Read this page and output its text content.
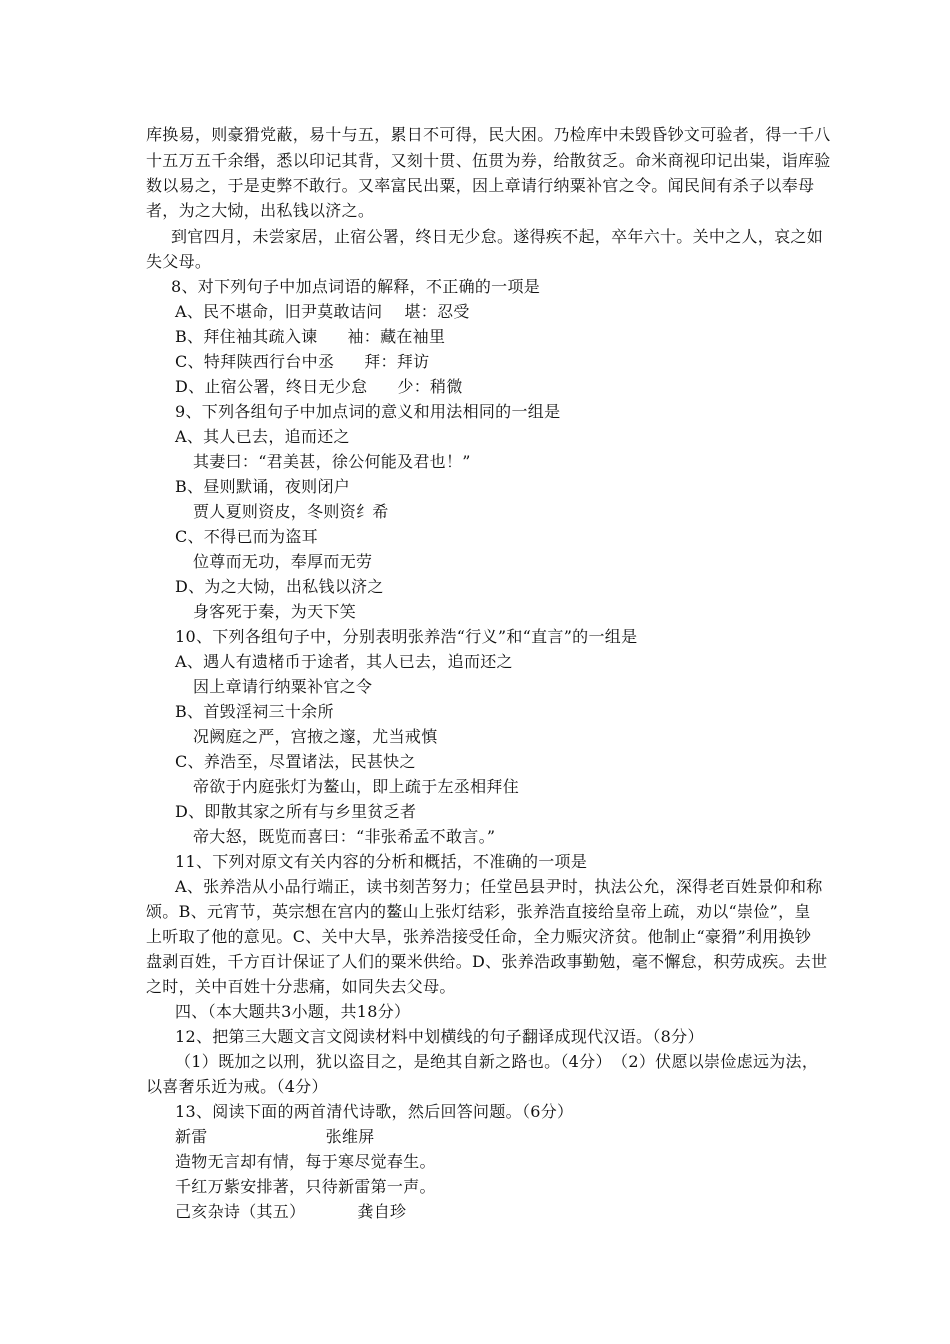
库换易，则豪猾党蔽，易十与五，累日不可得，民大困。乃检库中未毁昏钞文可验者，得一千八
十五万五千余缗，悉以印记其背，又刻十贯、伍贯为券，给散贫乏。命米商视印记出粜，诣库验
数以易之，于是吏弊不敢行。又率富民出粟，因上章请行纳粟补官之令。闻民间有杀子以奉母
者，为之大恸，出私钱以济之。
到官四月，未尝家居，止宿公署，终日无少怠。遂得疾不起，卒年六十。关中之人，哀之如
失父母。
8、对下列句子中加点词语的解释，不正确的一项是
A、民不堪命，旧尹莫敢诘问 堪：忍受
B、拜住袖其疏入谏 袖：藏在袖里
C、特拜陕西行台中丞 拜：拜访
D、止宿公署，终日无少怠 少：稍微
9、下列各组句子中加点词的意义和用法相同的一组是
A、其人已去，追而还之
其妻曰：“君美甚，徐公何能及君也！”
B、昼则默诵，夜则闭户
贾人夏则资皮，冬则资纟希
C、不得已而为盗耳
位尊而无功，奉厚而无劳
D、为之大恸，出私钱以济之
身客死于秦，为天下笑
10、下列各组句子中，分别表明张养浩“行义”和“直言”的一组是
A、遇人有遗楮币于途者，其人已去，追而还之
因上章请行纳粟补官之令
B、首毁淫祠三十余所
况阙庭之严，宫掖之邃，尤当戒慎
C、养浩至，尽置诸法，民甚快之
帝欲于内庭张灯为鳌山，即上疏于左丞相拜住
D、即散其家之所有与乡里贫乏者
帝大怒，既览而喜曰：“非张希孟不敢言。”
11、下列对原文有关内容的分析和概括，不准确的一项是
A、张养浩从小品行端正，读书刻苦努力；任堂邑县尹时，执法公允，深得老百姓景仰和称
颂。B、元宵节，英宗想在宫内的鳌山上张灯结彩，张养浩直接给皇帝上疏，劝以“崇俭”，皇
上听取了他的意见。C、关中大旱，张养浩接受任命，全力赈灾济贫。他制止“豪猾”利用换钞
盘剥百姓，千方百计保证了人们的粟米供给。D、张养浩政事勤勉，毫不懈怠，积劳成疾。去世
之时，关中百姓十分悲痛，如同失去父母。
四、（本大题共3小题，共18分）
12、把第三大题文言文阅读材料中划横线的句子翻译成现代汉语。（8分）
（1）既加之以刑，犹以盗目之，是绝其自新之路也。（4分）　（2）伏愿以崇俭虑远为法，
以喜奢乐近为戒。（4分）
13、阅读下面的两首清代诗歌，然后回答问题。（6分）
新雷	张维屏
造物无言却有情，每于寒尽觉春生。
千红万紫安排著，只待新雷第一声。
己亥杂诗（其五）	龚自珍
